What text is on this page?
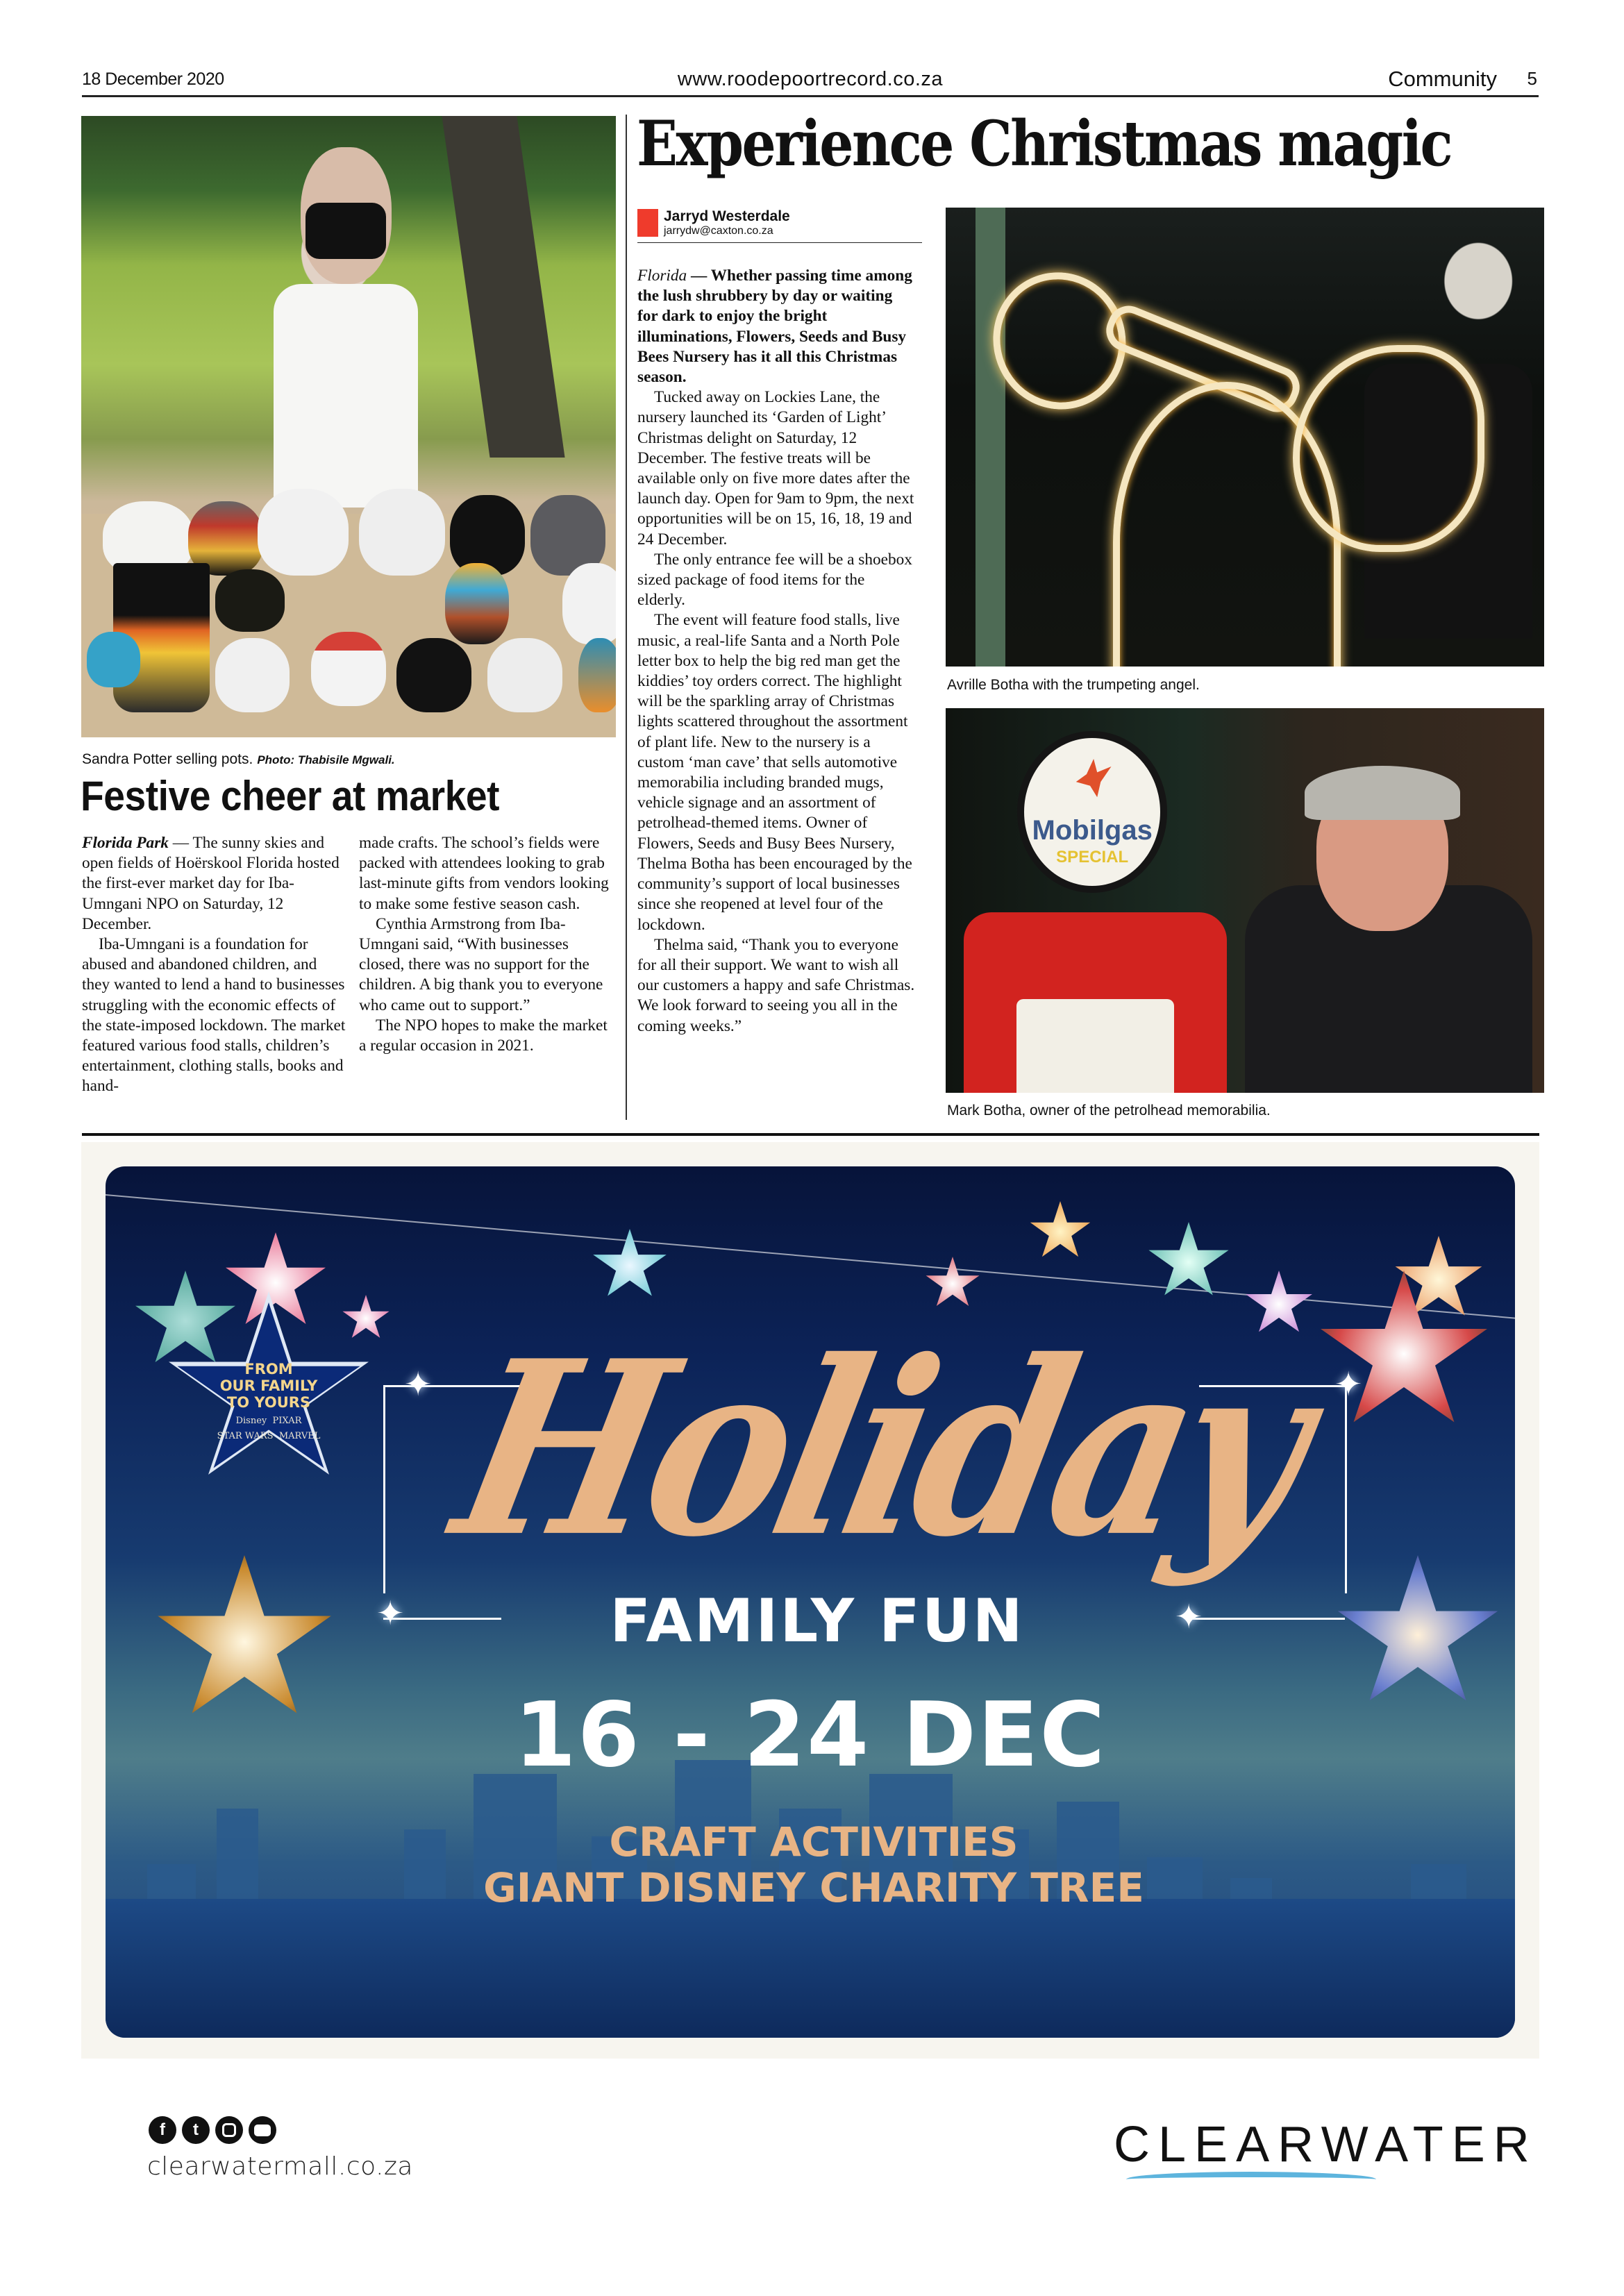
18 December 2020	www.roodepoortrecord.co.za	Community 5
Sandra Potter selling pots. Photo: Thabisile Mgwali.
Festive cheer at market

Florida Park — The sunny skies and open fields of Hoërskool Florida hosted the first-ever market day for Iba-Umngani NPO on Saturday, 12 December.

Iba-Umngani is a foundation for abused and abandoned children, and they wanted to lend a hand to businesses struggling with the economic effects of the state-imposed lockdown. The market featured various food stalls, children’s entertainment, clothing stalls, books and hand-

made crafts. The school’s fields were packed with attendees looking to grab last-minute gifts from vendors looking to make some festive season cash.

Cynthia Armstrong from Iba-Umngani said, “With businesses closed, there was no support for the children. A big thank you to everyone who came out to support.”

The NPO hopes to make the market a regular occasion in 2021.

Experience Christmas magic
Jarryd Westerdale
jarrydw@caxton.co.za

Florida — Whether passing time among the lush shrubbery by day or waiting for dark to enjoy the bright illuminations, Flowers, Seeds and Busy Bees Nursery has it all this Christmas season.

Tucked away on Lockies Lane, the nursery launched its ‘Garden of Light’ Christmas delight on Saturday, 12 December. The festive treats will be available only on five more dates after the launch day. Open for 9am to 9pm, the next opportunities will be on 15, 16, 18, 19 and 24 December.

The only entrance fee will be a shoebox sized package of food items for the elderly.

The event will feature food stalls, live music, a real-life Santa and a North Pole letter box to help the big red man get the kiddies’ toy orders correct. The highlight will be the sparkling array of Christmas lights scattered throughout the assortment of plant life. New to the nursery is a custom ‘man cave’ that sells automotive memorabilia including branded mugs, vehicle signage and an assortment of petrolhead-themed items. Owner of Flowers, Seeds and Busy Bees Nursery, Thelma Botha has been encouraged by the community’s support of local businesses since she reopened at level four of the lockdown.

Thelma said, “Thank you to everyone for all their support. We want to wish all our customers a happy and safe Christmas. We look forward to seeing you all in the coming weeks.”

Avrille Botha with the trumpeting angel.
Mobilgas
SPECIAL
Mark Botha, owner of the petrolhead memorabilia.
FROM
OUR FAMILY
TO YOURS
Disney PIXAR
STAR WARS MARVEL
✦	✦
✦	✦
Holiday
FAMILY FUN
16 - 24 DEC
CRAFT ACTIVITIES
GIANT DISNEY CHARITY TREE
f	t
clearwatermall.co.za	CLEARWATER
